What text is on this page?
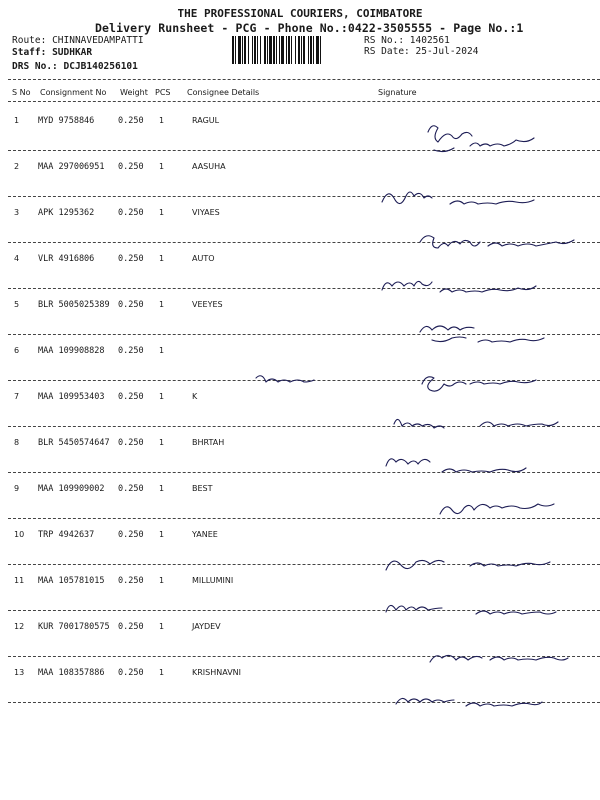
THE PROFESSIONAL COURIERS, COIMBATORE
Delivery Runsheet - PCG - Phone No.:0422-3505555 - Page No.:1
Route: CHINNAVEDAMPATTI
Staff: SUDHKAR
DRS No.: DCJB140256101
RS No.: 1402561
RS Date: 25-Jul-2024
S No Consignment No Weight PCS Consignee Details	Signature
1 MYD 9758846	0.250 1	RAGUL
2 MAA 297006951 0.250 1	AASUHA
3 APK 1295362	0.250 1	VIYAES
4 VLR 4916806	0.250 1	AUTO
5 BLR 5005025389 0.250 1	VEEYES
6 MAA 109908828 0.250 1
7 MAA 109953403 0.250 1	K
8 BLR 5450574647 0.250 1	BHRTAH
9 MAA 109909002 0.250 1	BEST
10 TRP 4942637	0.250 1	YANEE
11 MAA 105781015 0.250 1	MILLUMINI
12 KUR 7001780575 0.250 1	JAYDEV
13 MAA 108357886 0.250 1	KRISHNAVNI
